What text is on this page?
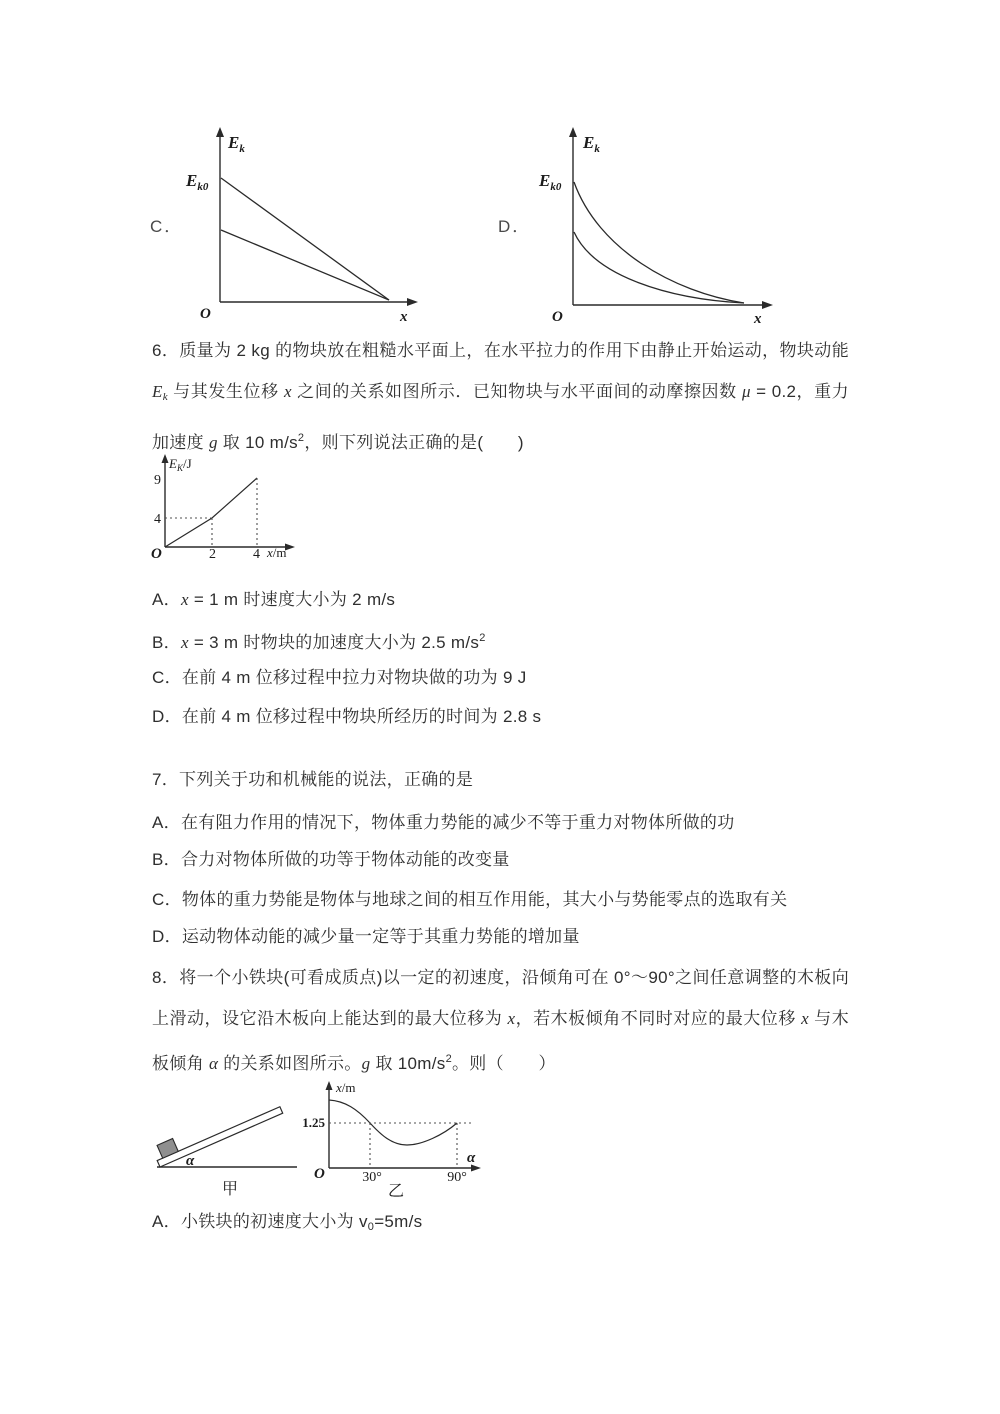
C．
$E_k$
$E_{k0}$
O	x
D．
$E_k$
$E_{k0}$
O	x
6．质量为 2 kg 的物块放在粗糙水平面上，在水平拉力的作用下由静止开始运动，物块动能 $E_k$ 与其发生位移 x 之间的关系如图所示．已知物块与水平面间的动摩擦因数 μ = 0.2，重力加速度 g 取 10 $m/s^2$，则下列说法正确的是(　　)
EK/J
9
4
O	2	4 x/m
A．x = 1 m 时速度大小为 2 m/s
B．x = 3 m 时物块的加速度大小为 2.5 $m/s^2$
C．在前 4 m 位移过程中拉力对物块做的功为 9 J
D．在前 4 m 位移过程中物块所经历的时间为 2.8 s
7．下列关于功和机械能的说法，正确的是
A．在有阻力作用的情况下，物体重力势能的减少不等于重力对物体所做的功
B．合力对物体所做的功等于物体动能的改变量
C．物体的重力势能是物体与地球之间的相互作用能，其大小与势能零点的选取有关
D．运动物体动能的减少量一定等于其重力势能的增加量
8．将一个小铁块(可看成质点)以一定的初速度，沿倾角可在 0°～90°之间任意调整的木板向上滑动，设它沿木板向上能达到的最大位移为 x，若木板倾角不同时对应的最大位移 x 与木板倾角 α 的关系如图所示。g 取 $10m/s^2$。则（　　）
α
甲
x/m
1.25
O	30°	90°
α
乙
A．小铁块的初速度大小为 $v_0=5m/s$
